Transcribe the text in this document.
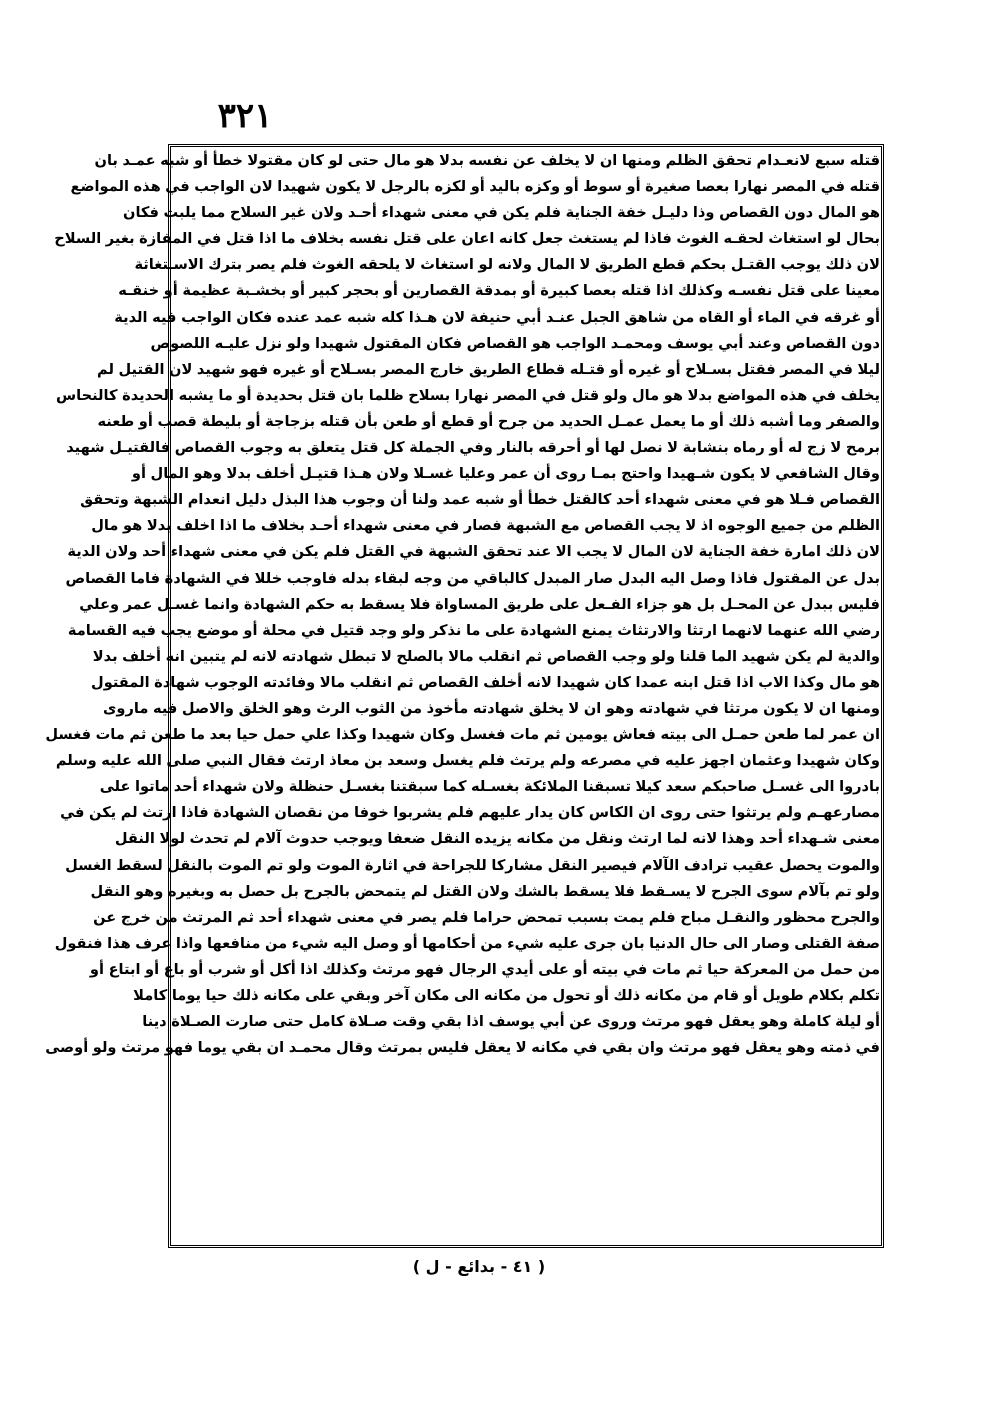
٣٢١
قتله سبع لانعـدام تحقق الظلم ومنها ان لا يخلف عن نفسه بدلا هو مال حتى لو كان مقتولا خطأ أو شبه عمـد بان
قتله في المصر نهارا بعصا صغيرة أو سوط أو وكزه باليد أو لكزه بالرجل لا يكون شهيدا لان الواجب في هذه المواضع
هو المال دون القصاص وذا دليـل خفة الجناية فلم يكن في معنى شهداء أحـد ولان غير السلاح مما يلبث فكان
بحال لو استغاث لحقـه الغوث فاذا لم يستغث جعل كانه اعان على قتل نفسه بخلاف ما اذا قتل في المفازة بغير السلاح
لان ذلك يوجب القتـل بحكم قطع الطريق لا المال ولانه لو استغاث لا يلحقه الغوث فلم يصر بترك الاسـتغاثة
معينا على قتل نفسـه وكذلك اذا قتله بعصا كبيرة أو بمدقة القصارين أو بحجر كبير أو بخشـبة عظيمة أو خنقـه
أو غرقه في الماء أو القاه من شاهق الجبل عنـد أبي حنيفة لان هـذا كله شبه عمد عنده فكان الواجب فيه الدية
دون القصاص وعند أبي يوسف ومحمـد الواجب هو القصاص فكان المقتول شهيدا ولو نزل عليـه اللصوص
ليلا في المصر فقتل بسـلاح أو غيره أو قتـله قطاع الطريق خارج المصر بسـلاح أو غيره فهو شهيد لان القتيل لم
يخلف في هذه المواضع بدلا هو مال ولو قتل في المصر نهارا بسلاح ظلما بان قتل بحديدة أو ما يشبه الحديدة كالنحاس
والصفر وما أشبه ذلك أو ما يعمل عمـل الحديد من جرح أو قطع أو طعن بأن قتله بزجاجة أو بليطة قصب أو طعنه
برمح لا زج له أو رماه بنشابة لا نصل لها أو أحرقه بالنار وفي الجملة كل قتل يتعلق به وجوب القصاص فالقتيـل شهيد
وقال الشافعي لا يكون شـهيدا واحتج بمـا روى أن عمر وعليا غسـلا ولان هـذا قتيـل أخلف بدلا وهو المال أو
القصاص فـلا هو في معنى شهداء أحد كالقتل خطأ أو شبه عمد ولنا أن وجوب هذا البذل دليل انعدام الشبهة وتحقق
الظلم من جميع الوجوه اذ لا يجب القصاص مع الشبهة فصار في معنى شهداء أحـد بخلاف ما اذا اخلف بدلا هو مال
لان ذلك امارة خفة الجناية لان المال لا يجب الا عند تحقق الشبهة في القتل فلم يكن في معنى شهداء أحد ولان الدية
بدل عن المقتول فاذا وصل اليه البدل صار المبدل كالباقي من وجه لبقاء بدله فاوجب خللا في الشهادة فاما القصاص
فليس ببدل عن المحـل بل هو جزاء الفـعل على طريق المساواة فلا يسقط به حكم الشهادة وانما غسـل عمر وعلي
رضي الله عنهما لانهما ارتثا والارتثاث يمنع الشهادة على ما نذكر ولو وجد قتيل في محلة أو موضع يجب فيه القسامة
والدية لم يكن شهيد الما قلنا ولو وجب القصاص ثم انقلب مالا بالصلح لا تبطل شهادته لانه لم يتبين انه أخلف بدلا
هو مال وكذا الاب اذا قتل ابنه عمدا كان شهيدا لانه أخلف القصاص ثم انقلب مالا وفائدته الوجوب شهادة المقتول
ومنها ان لا يكون مرتثا في شهادته وهو ان لا يخلق شهادته مأخوذ من الثوب الرث وهو الخلق والاصل فيه ماروى
ان عمر لما طعن حمـل الى بيته فعاش يومين ثم مات فغسل وكان شهيدا وكذا علي حمل حيا بعد ما طعن ثم مات فغسل
وكان شهيدا وعثمان اجهز عليه في مصرعه ولم يرتث فلم يغسل وسعد بن معاذ ارتث فقال النبي صلى الله عليه وسلم
بادروا الى غسـل صاحبكم سعد كيلا تسبقنا الملائكة بغسـله كما سبقتنا بغسـل حنظلة ولان شهداء أحد ماتوا على
مصارعهـم ولم يرتثوا حتى روى ان الكاس كان يدار عليهم فلم يشربوا خوفا من نقصان الشهادة فاذا ارتث لم يكن في
معنى شـهداء أحد وهذا لانه لما ارتث ونقل من مكانه يزيده النقل ضعفا ويوجب حدوث آلام لم تحدث لولا النقل
والموت يحصل عقيب ترادف الآلام فيصير النقل مشاركا للجراحة في اثارة الموت ولو تم الموت بالنقل لسقط الغسل
ولو تم بآلام سوى الجرح لا يسـقط فلا يسقط بالشك ولان القتل لم يتمحض بالجرح بل حصل به وبغيره وهو النقل
والجرح محظور والنقـل مباح فلم يمت بسبب تمحض حراما فلم يصر في معنى شهداء أحد ثم المرتث من خرج عن
صفة القتلى وصار الى حال الدنيا بان جرى عليه شيء من أحكامها أو وصل اليه شيء من منافعها واذا عرف هذا فنقول
من حمل من المعركة حيا ثم مات في بيته أو على أيدي الرجال فهو مرتث وكذلك اذا أكل أو شرب أو باع أو ابتاع أو
تكلم بكلام طويل أو قام من مكانه ذلك أو تحول من مكانه الى مكان آخر وبقي على مكانه ذلك حيا يوما كاملا
أو ليلة كاملة وهو يعقل فهو مرتث وروى عن أبي يوسف اذا بقي وقت صـلاة كامل حتى صارت الصـلاة دينا
في ذمته وهو يعقل فهو مرتث وان بقي في مكانه لا يعقل فليس بمرتث وقال محمـد ان بقي يوما فهو مرتث ولو أوصى
( ٤١ - بدائع - ل )
